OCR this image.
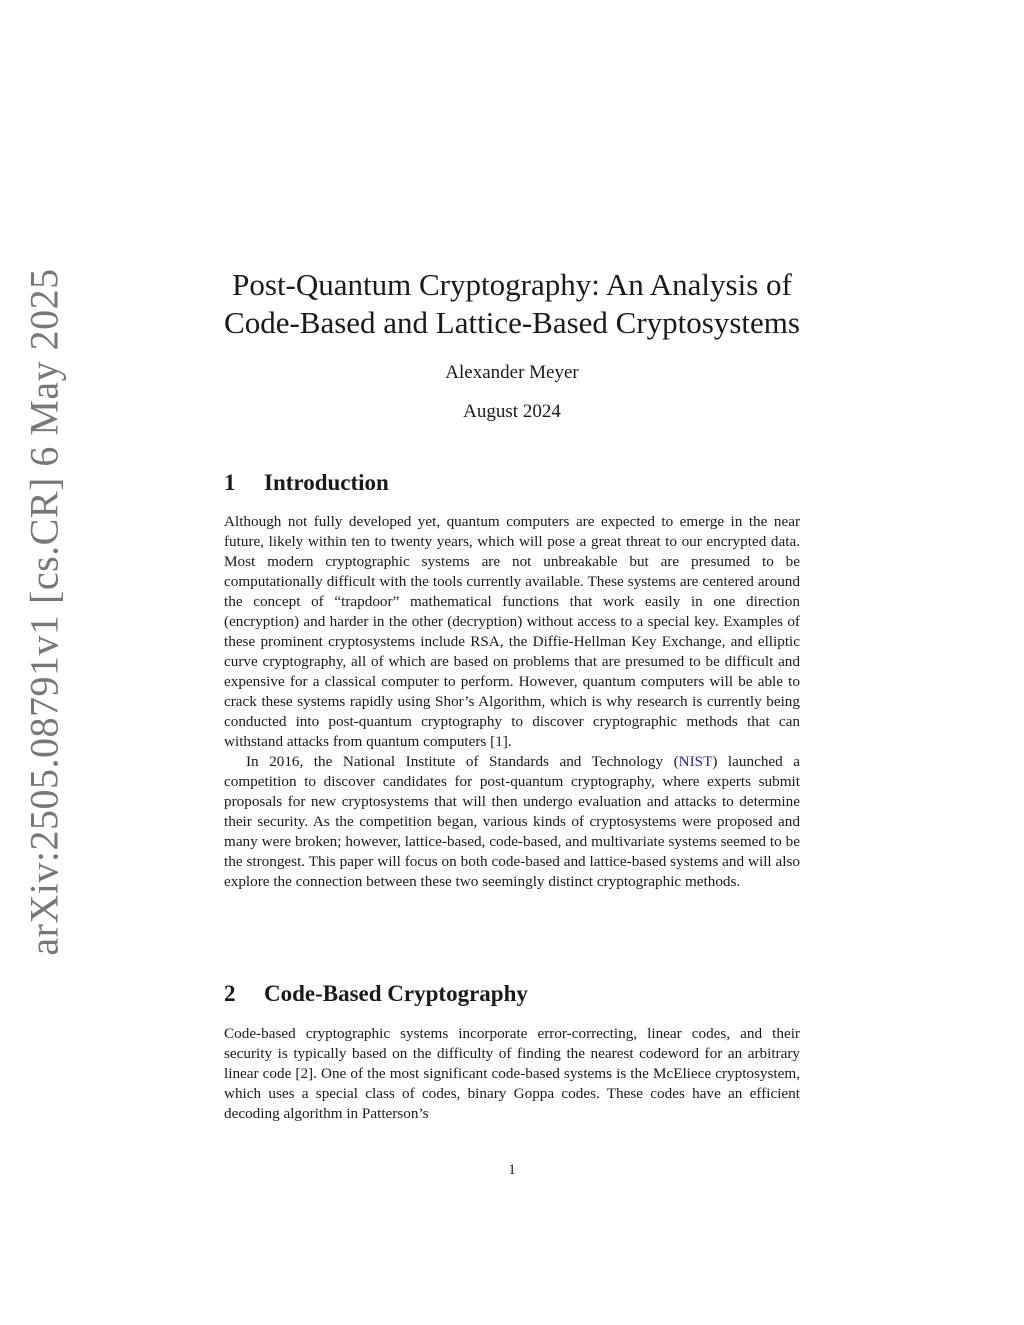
arXiv:2505.08791v1 [cs.CR] 6 May 2025	Post-Quantum Cryptography: An Analysis of
Code-Based and Lattice-Based Cryptosystems
Alexander Meyer
August 2024
1 Introduction

Although not fully developed yet, quantum computers are expected to emerge in the near future, likely within ten to twenty years, which will pose a great threat to our encrypted data. Most modern cryptographic systems are not unbreakable but are presumed to be computationally difficult with the tools currently available. These systems are centered around the concept of “trapdoor” mathematical functions that work easily in one direction (encryption) and harder in the other (decryption) without access to a special key. Examples of these prominent cryptosystems include RSA, the Diffie-Hellman Key Exchange, and elliptic curve cryptography, all of which are based on problems that are presumed to be difficult and expensive for a classical computer to perform. However, quantum computers will be able to crack these systems rapidly using Shor’s Algorithm, which is why research is currently being conducted into post-quantum cryptography to discover cryptographic methods that can withstand attacks from quantum computers [1].

In 2016, the National Institute of Standards and Technology (NIST) launched a competition to discover candidates for post-quantum cryptography, where experts submit proposals for new cryptosystems that will then undergo evaluation and attacks to determine their security. As the competition began, various kinds of cryptosystems were proposed and many were broken; however, lattice-based, code-based, and multivariate systems seemed to be the strongest. This paper will focus on both code-based and lattice-based systems and will also explore the connection between these two seemingly distinct cryptographic methods.

2 Code-Based Cryptography

Code-based cryptographic systems incorporate error-correcting, linear codes, and their security is typically based on the difficulty of finding the nearest codeword for an arbitrary linear code [2]. One of the most significant code-based systems is the McEliece cryptosystem, which uses a special class of codes, binary Goppa codes. These codes have an efficient decoding algorithm in Patterson’s

1
